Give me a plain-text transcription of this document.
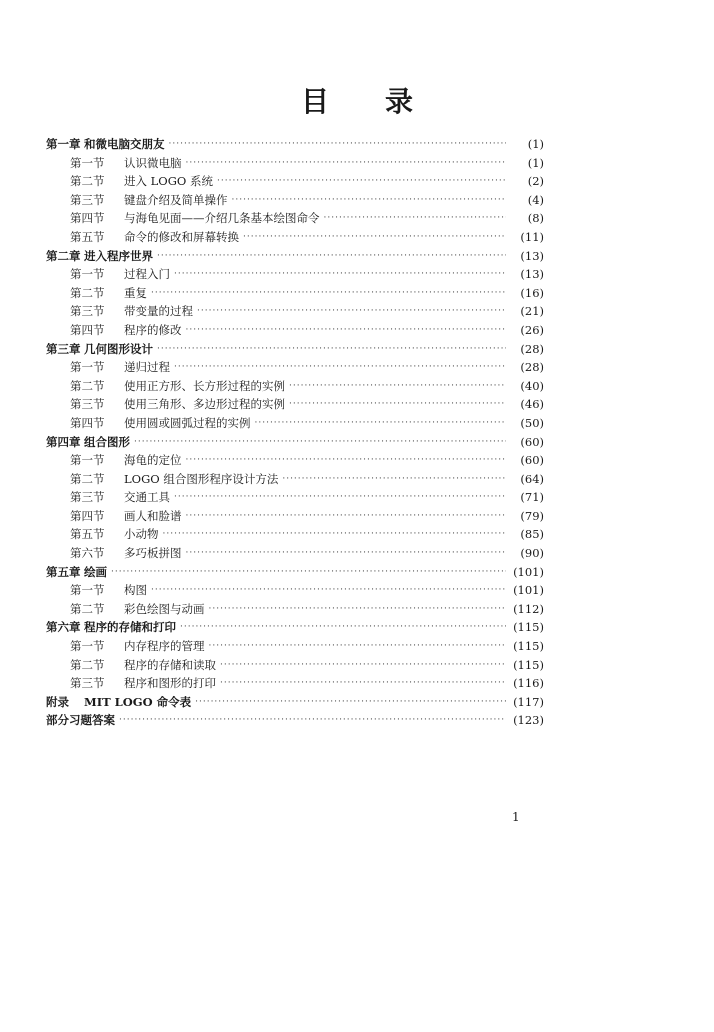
目 录
第一章 和微电脑交朋友 ·····	(1)
第一节	认识微电脑 ·····	(1)
第二节	进入 LOGO 系统 ·····	(2)
第三节	键盘介绍及简单操作 ·····	(4)
第四节	与海龟见面——介绍几条基本绘图命令 ·····	(8)
第五节	命令的修改和屏幕转换 ·····	(11)
第二章 进入程序世界 ·····	(13)
第一节	过程入门 ·····	(13)
第二节	重复 ·····	(16)
第三节	带变量的过程 ·····	(21)
第四节	程序的修改 ·····	(26)
第三章 几何图形设计 ·····	(28)
第一节	递归过程 ·····	(28)
第二节	使用正方形、长方形过程的实例 ·····	(40)
第三节	使用三角形、多边形过程的实例 ·····	(46)
第四节	使用圆或圆弧过程的实例 ·····	(50)
第四章 组合图形 ·····	(60)
第一节	海龟的定位 ·····	(60)
第二节	LOGO 组合图形程序设计方法 ·····	(64)
第三节	交通工具 ·····	(71)
第四节	画人和脸谱 ·····	(79)
第五节	小动物 ·····	(85)
第六节	多巧板拼图 ·····	(90)
第五章 绘画 ·····	(101)
第一节	构图 ·····	(101)
第二节	彩色绘图与动画 ·····	(112)
第六章 程序的存储和打印 ·····	(115)
第一节	内存程序的管理 ·····	(115)
第二节	程序的存储和读取 ·····	(115)
第三节	程序和图形的打印 ·····	(116)
附录	MIT LOGO 命令表 ·····	(117)
部分习题答案 ·····	(123)
1
